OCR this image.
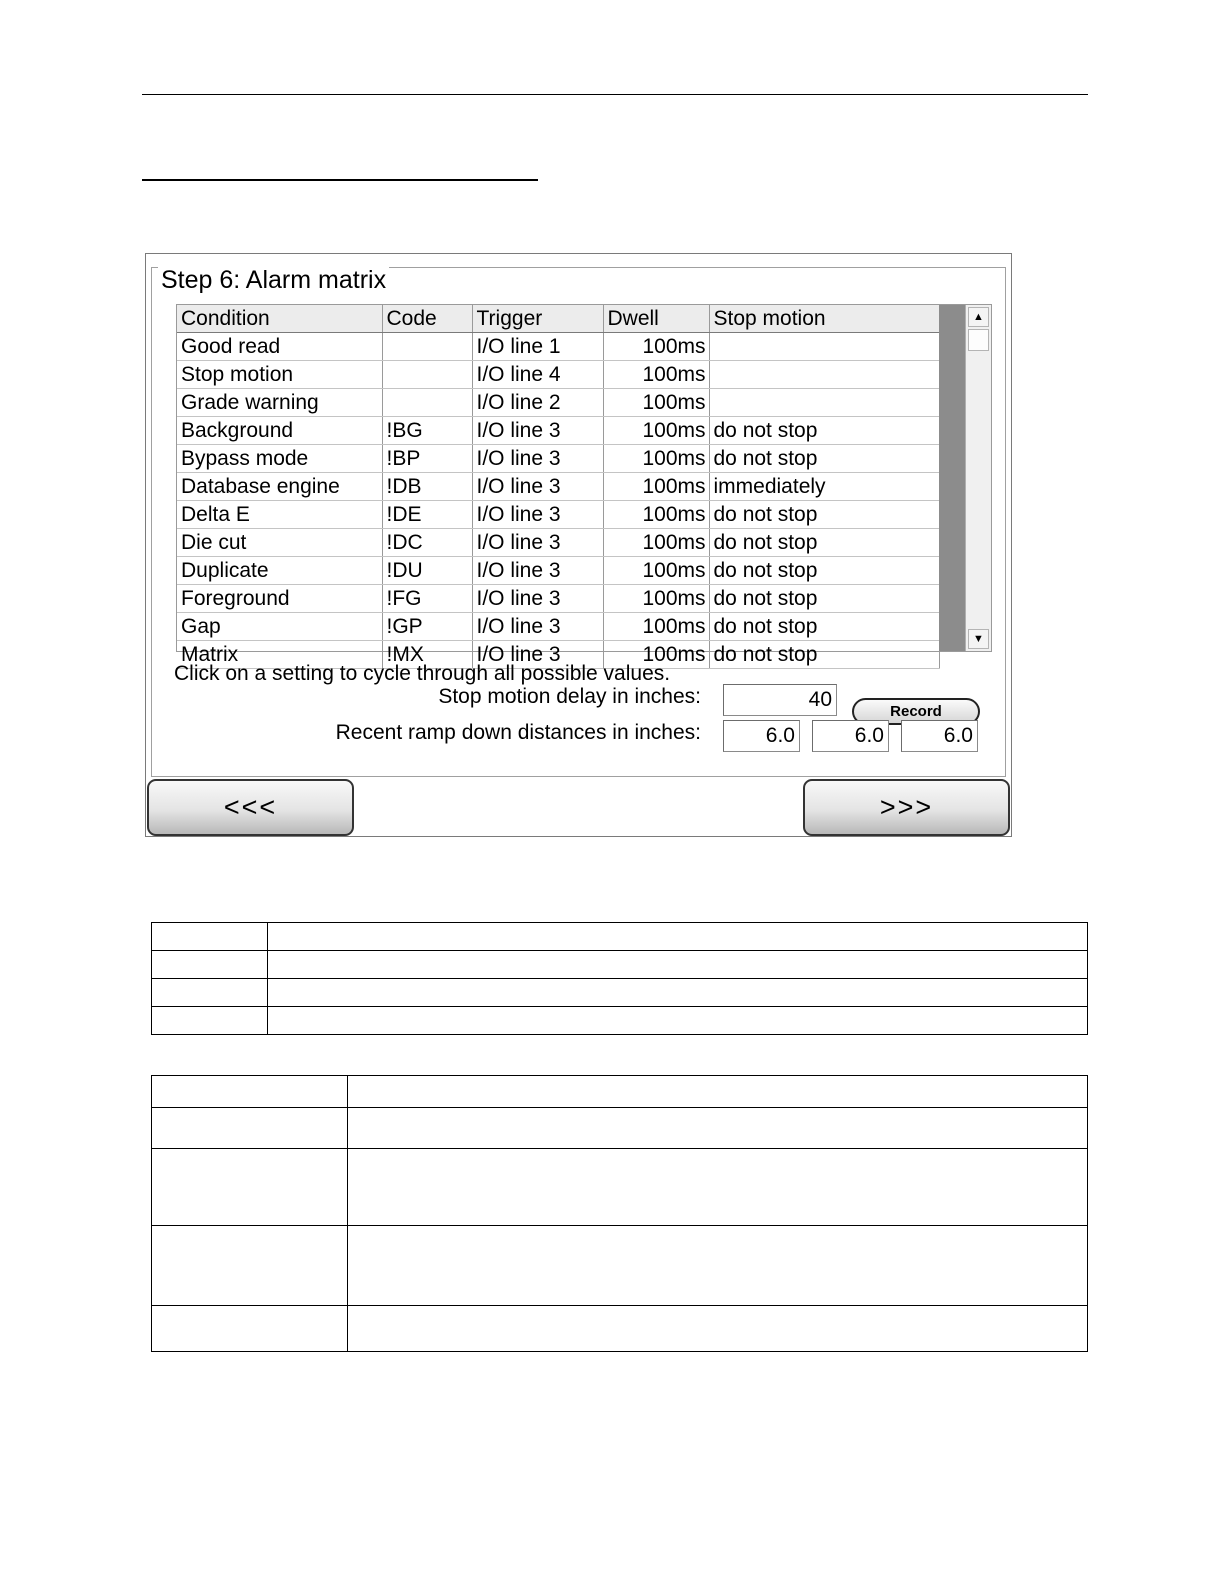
Step 6: Alarm matrix
Condition	Code	Trigger	Dwell	Stop motion
Good read		I/O line 1	100ms	
Stop motion		I/O line 4	100ms	
Grade warning		I/O line 2	100ms	
Background	!BG	I/O line 3	100ms	do not stop
Bypass mode	!BP	I/O line 3	100ms	do not stop
Database engine	!DB	I/O line 3	100ms	immediately
Delta E	!DE	I/O line 3	100ms	do not stop
Die cut	!DC	I/O line 3	100ms	do not stop
Duplicate	!DU	I/O line 3	100ms	do not stop
Foreground	!FG	I/O line 3	100ms	do not stop
Gap	!GP	I/O line 3	100ms	do not stop
Matrix	!MX	I/O line 3	100ms	do not stop
▲
▼
Click on a setting to cycle through all possible values.
Stop motion delay in inches:	40
Record
Recent ramp down distances in inches:	6.0	6.0	6.0
<<<	>>>
